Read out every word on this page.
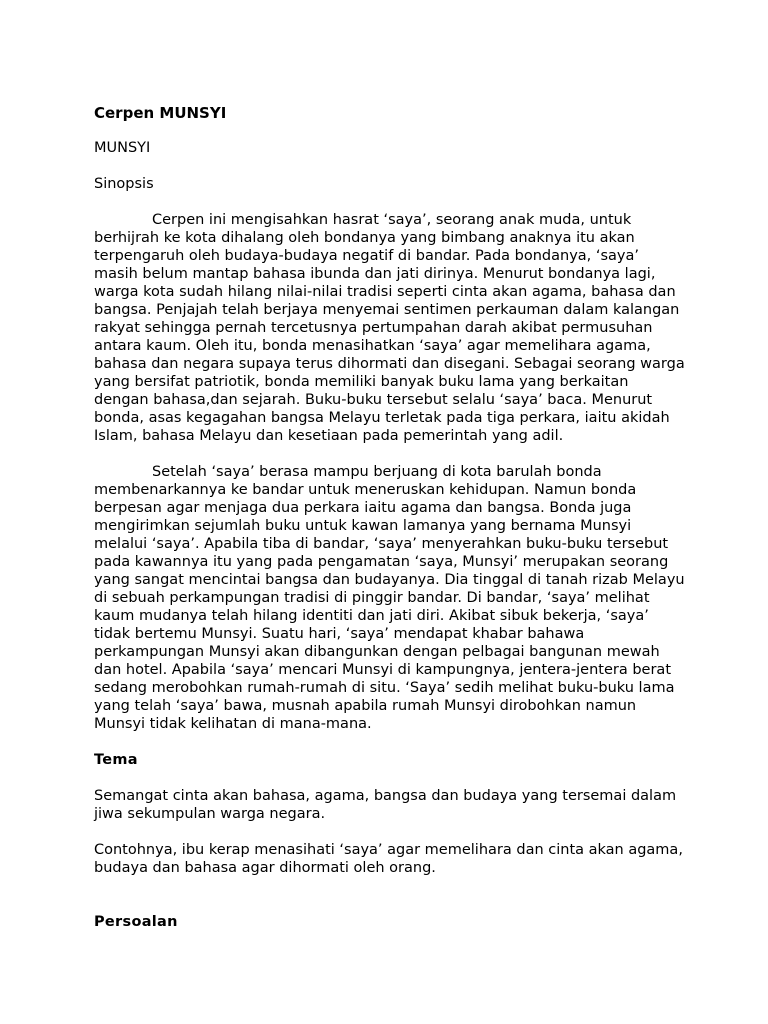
Cerpen MUNSYI
MUNSYI
Sinopsis
Cerpen ini mengisahkan hasrat ‘saya’, seorang anak muda, untuk berhijrah ke kota dihalang oleh bondanya yang bimbang anaknya itu akan terpengaruh oleh budaya-budaya negatif di bandar. Pada bondanya, ‘saya’ masih belum mantap bahasa ibunda dan jati dirinya. Menurut bondanya lagi, warga kota sudah hilang nilai-nilai tradisi seperti cinta akan agama, bahasa dan bangsa. Penjajah telah berjaya menyemai sentimen perkauman dalam kalangan rakyat sehingga pernah tercetusnya pertumpahan darah akibat permusuhan antara kaum. Oleh itu, bonda menasihatkan ‘saya’ agar memelihara agama, bahasa dan negara supaya terus dihormati dan disegani. Sebagai seorang warga yang bersifat patriotik, bonda memiliki banyak buku lama yang berkaitan dengan bahasa,dan sejarah. Buku-buku tersebut selalu ‘saya’ baca. Menurut bonda, asas kegagahan bangsa Melayu terletak pada tiga perkara, iaitu akidah Islam, bahasa Melayu dan kesetiaan pada pemerintah yang adil.
Setelah ‘saya’ berasa mampu berjuang di kota barulah bonda membenarkannya ke bandar untuk meneruskan kehidupan. Namun bonda berpesan agar menjaga dua perkara iaitu agama dan bangsa. Bonda juga mengirimkan sejumlah buku untuk kawan lamanya yang bernama Munsyi melalui ‘saya’. Apabila tiba di bandar, ‘saya’ menyerahkan buku-buku tersebut pada kawannya itu yang pada pengamatan ‘saya, Munsyi’ merupakan seorang yang sangat mencintai bangsa dan budayanya. Dia tinggal di tanah rizab Melayu di sebuah perkampungan tradisi di pinggir bandar. Di bandar, ‘saya’ melihat kaum mudanya telah hilang identiti dan jati diri. Akibat sibuk bekerja, ‘saya’ tidak bertemu Munsyi. Suatu hari, ‘saya’ mendapat khabar bahawa perkampungan Munsyi akan dibangunkan dengan pelbagai bangunan mewah dan hotel. Apabila ‘saya’ mencari Munsyi di kampungnya, jentera-jentera berat sedang merobohkan rumah-rumah di situ. ‘Saya’ sedih melihat buku-buku lama yang telah ‘saya’ bawa, musnah apabila rumah Munsyi dirobohkan namun Munsyi tidak kelihatan di mana-mana.
Tema
Semangat cinta akan bahasa, agama, bangsa dan budaya yang tersemai dalam jiwa sekumpulan warga negara.
Contohnya, ibu kerap menasihati ‘saya’ agar memelihara dan cinta akan agama, budaya dan bahasa agar dihormati oleh orang.
Persoalan
